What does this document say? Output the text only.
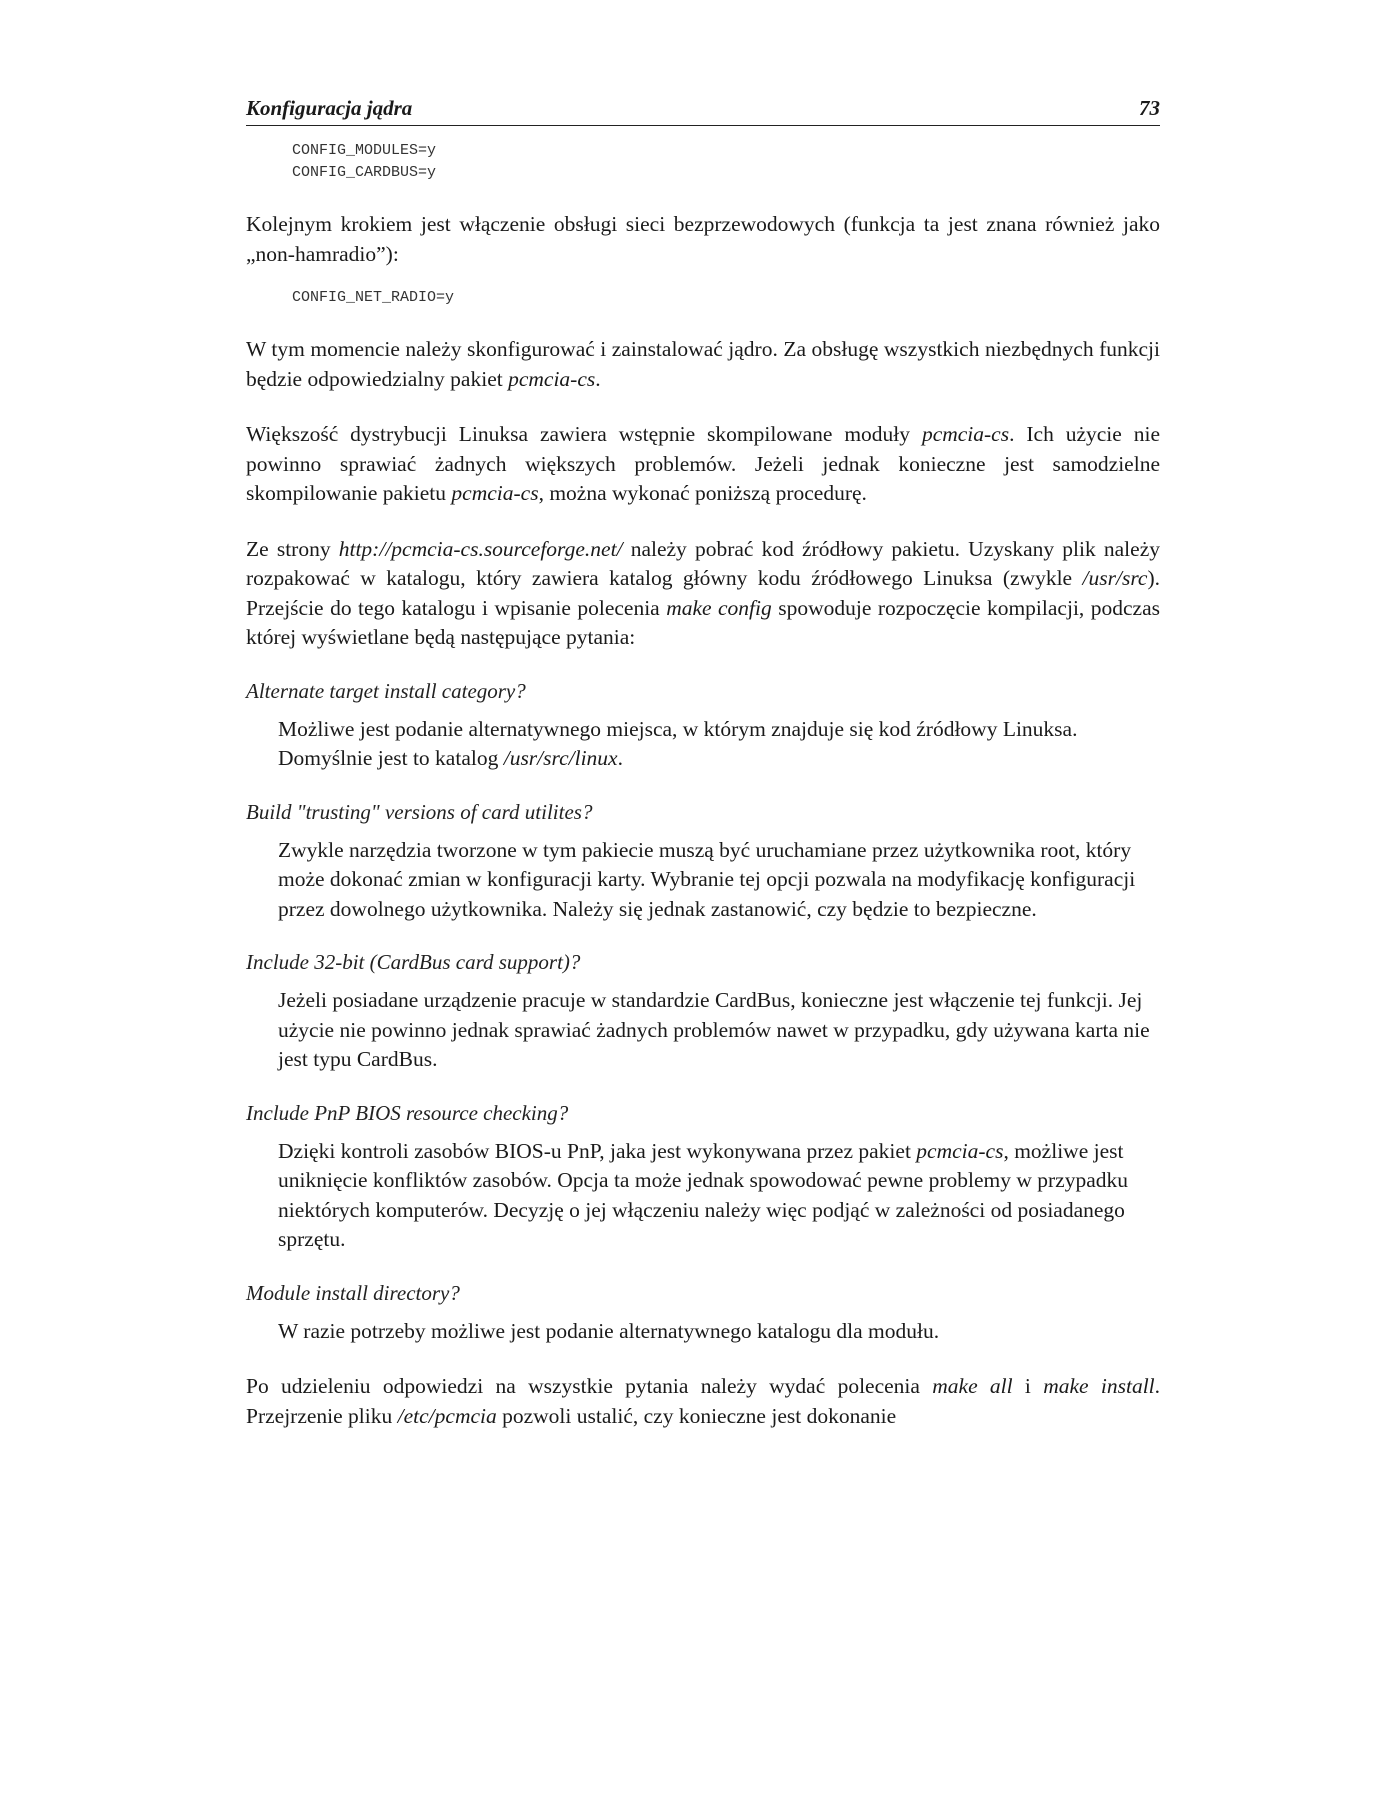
Konfiguracja jądra	73
CONFIG_MODULES=y
CONFIG_CARDBUS=y

Kolejnym krokiem jest włączenie obsługi sieci bezprzewodowych (funkcja ta jest znana również jako „non-hamradio”):

CONFIG_NET_RADIO=y

W tym momencie należy skonfigurować i zainstalować jądro. Za obsługę wszystkich niezbędnych funkcji będzie odpowiedzialny pakiet pcmcia-cs.

Większość dystrybucji Linuksa zawiera wstępnie skompilowane moduły pcmcia-cs. Ich użycie nie powinno sprawiać żadnych większych problemów. Jeżeli jednak konieczne jest samodzielne skompilowanie pakietu pcmcia-cs, można wykonać poniższą procedurę.

Ze strony http://pcmcia-cs.sourceforge.net/ należy pobrać kod źródłowy pakietu. Uzyskany plik należy rozpakować w katalogu, który zawiera katalog główny kodu źródłowego Linuksa (zwykle /usr/src). Przejście do tego katalogu i wpisanie polecenia make config spowoduje rozpoczęcie kompilacji, podczas której wyświetlane będą następujące pytania:

Alternate target install category?
Możliwe jest podanie alternatywnego miejsca, w którym znajduje się kod źródłowy Linuksa. Domyślnie jest to katalog /usr/src/linux.
Build "trusting" versions of card utilites?
Zwykle narzędzia tworzone w tym pakiecie muszą być uruchamiane przez użytkownika root, który może dokonać zmian w konfiguracji karty. Wybranie tej opcji pozwala na modyfikację konfiguracji przez dowolnego użytkownika. Należy się jednak zastanowić, czy będzie to bezpieczne.
Include 32-bit (CardBus card support)?
Jeżeli posiadane urządzenie pracuje w standardzie CardBus, konieczne jest włączenie tej funkcji. Jej użycie nie powinno jednak sprawiać żadnych problemów nawet w przypadku, gdy używana karta nie jest typu CardBus.
Include PnP BIOS resource checking?
Dzięki kontroli zasobów BIOS-u PnP, jaka jest wykonywana przez pakiet pcmcia-cs, możliwe jest uniknięcie konfliktów zasobów. Opcja ta może jednak spowodować pewne problemy w przypadku niektórych komputerów. Decyzję o jej włączeniu należy więc podjąć w zależności od posiadanego sprzętu.
Module install directory?
W razie potrzeby możliwe jest podanie alternatywnego katalogu dla modułu.

Po udzieleniu odpowiedzi na wszystkie pytania należy wydać polecenia make all i make install. Przejrzenie pliku /etc/pcmcia pozwoli ustalić, czy konieczne jest dokonanie
